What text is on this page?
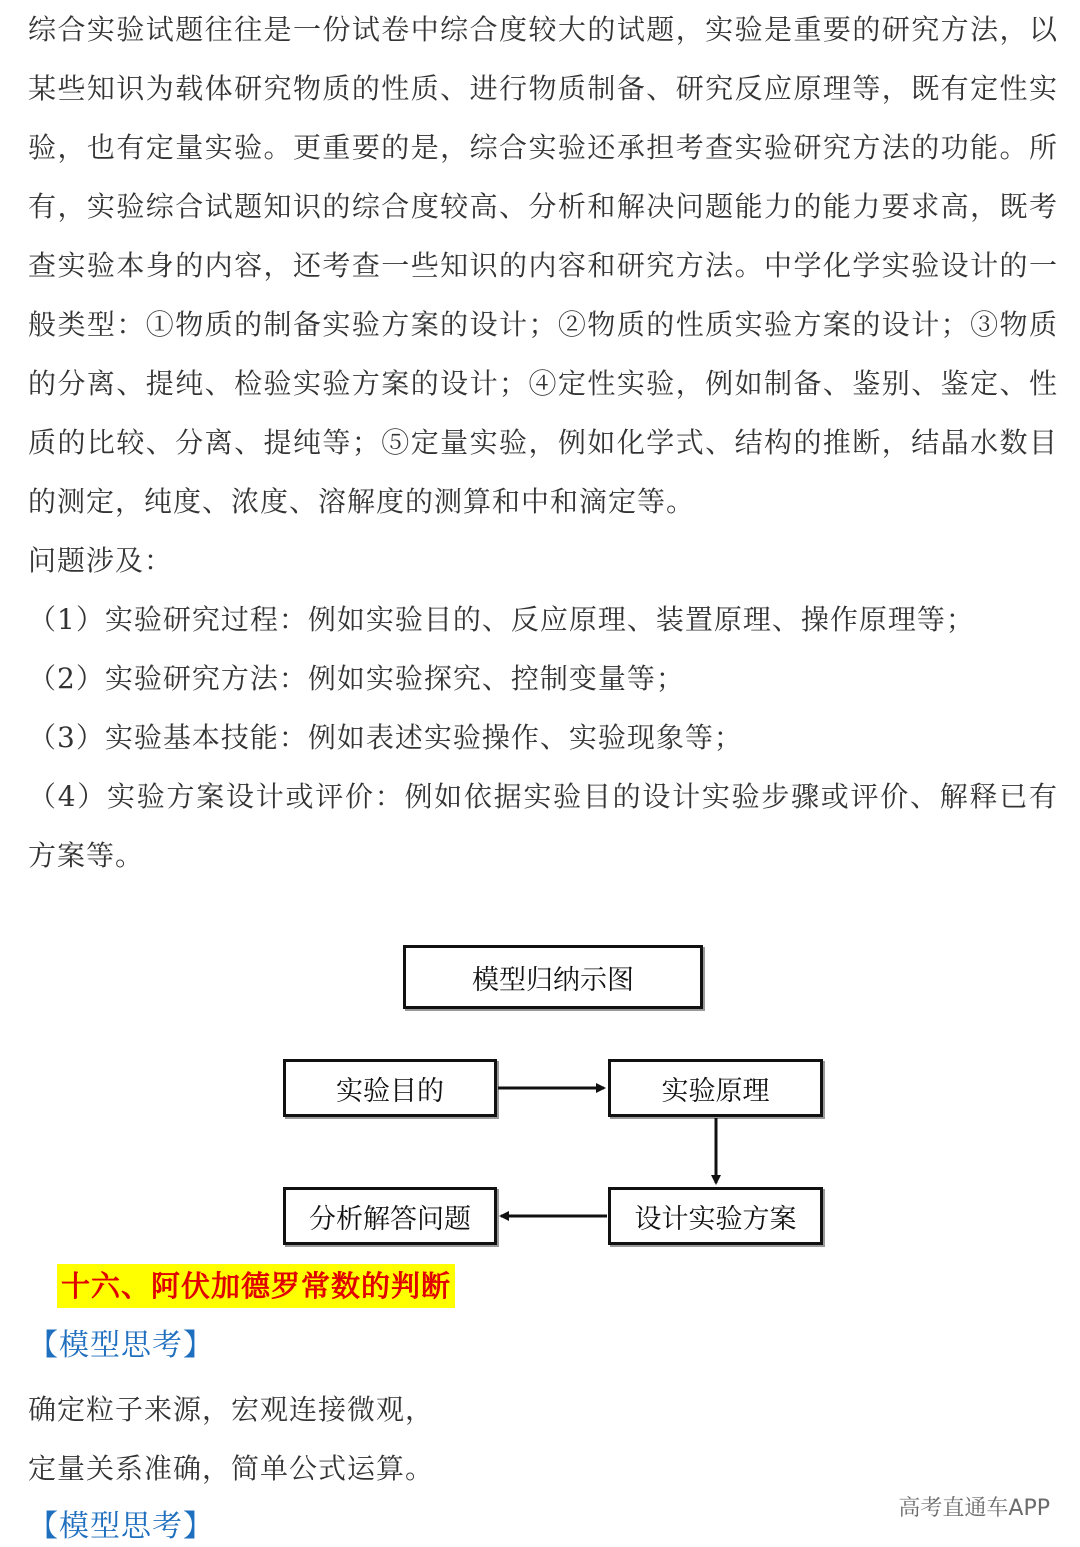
综合实验试题往往是一份试卷中综合度较大的试题，实验是重要的研究方法，以某些知识为载体研究物质的性质、进行物质制备、研究反应原理等，既有定性实验，也有定量实验。更重要的是，综合实验还承担考查实验研究方法的功能。所有，实验综合试题知识的综合度较高、分析和解决问题能力的能力要求高，既考查实验本身的内容，还考查一些知识的内容和研究方法。中学化学实验设计的一般类型：①物质的制备实验方案的设计；②物质的性质实验方案的设计；③物质的分离、提纯、检验实验方案的设计；④定性实验，例如制备、鉴别、鉴定、性质的比较、分离、提纯等；⑤定量实验，例如化学式、结构的推断，结晶水数目的测定，纯度、浓度、溶解度的测算和中和滴定等。

问题涉及：

（1）实验研究过程：例如实验目的、反应原理、装置原理、操作原理等；

（2）实验研究方法：例如实验探究、控制变量等；

（3）实验基本技能：例如表述实验操作、实验现象等；

（4）实验方案设计或评价：例如依据实验目的设计实验步骤或评价、解释已有方案等。

模型归纳示图
实验目的	实验原理
设计实验方案
分析解答问题
十六、阿伏加德罗常数的判断
【模型思考】
确定粒子来源，宏观连接微观，
定量关系准确，简单公式运算。
【模型思考】
高考直通车APP
